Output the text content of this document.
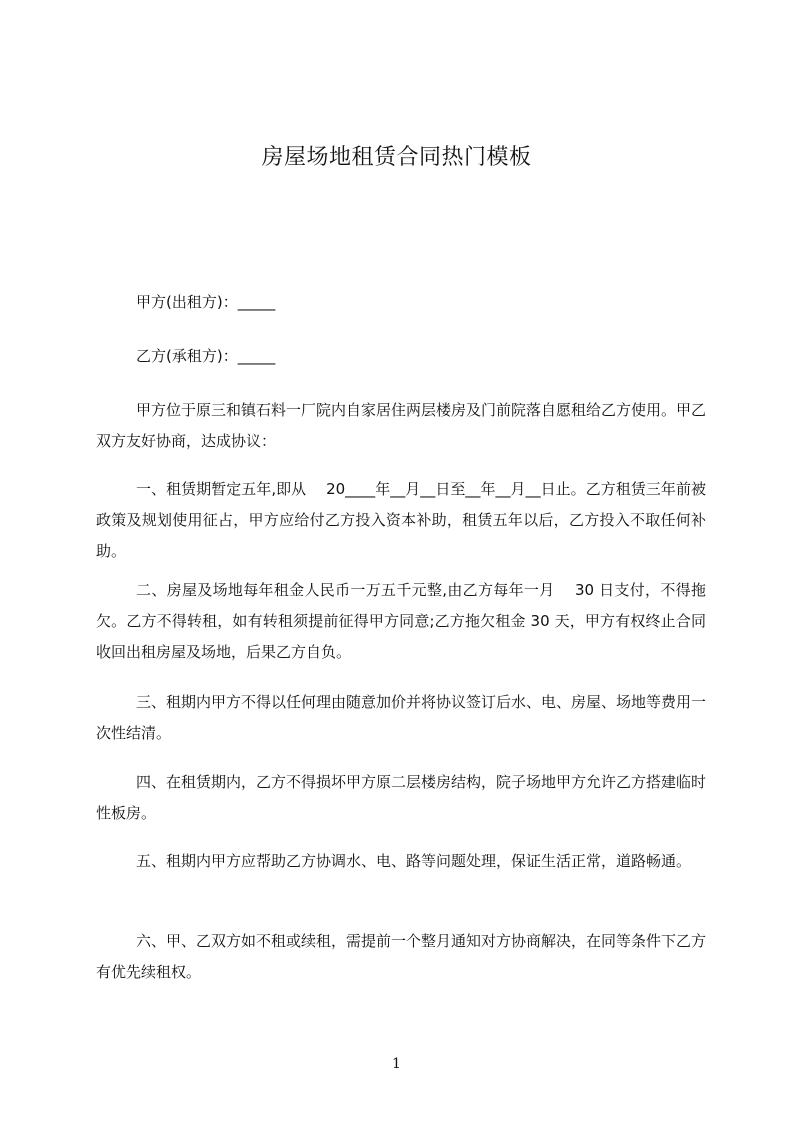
房屋场地租赁合同热门模板
甲方(出租方)：_____
乙方(承租方)：_____

甲方位于原三和镇石料一厂院内自家居住两层楼房及门前院落自愿租给乙方使用。甲乙双方友好协商，达成协议：

一、租赁期暂定五年,即从　 20____年__月__日至__年__月__日止。乙方租赁三年前被政策及规划使用征占，甲方应给付乙方投入资本补助，租赁五年以后，乙方投入不取任何补助。

二、房屋及场地每年租金人民币一万五千元整,由乙方每年一月　 30 日支付，不得拖欠。乙方不得转租，如有转租须提前征得甲方同意;乙方拖欠租金 30 天，甲方有权终止合同收回出租房屋及场地，后果乙方自负。

三、租期内甲方不得以任何理由随意加价并将协议签订后水、电、房屋、场地等费用一次性结清。

四、在租赁期内，乙方不得损坏甲方原二层楼房结构，院子场地甲方允许乙方搭建临时性板房。

五、租期内甲方应帮助乙方协调水、电、路等问题处理，保证生活正常，道路畅通。

六、甲、乙双方如不租或续租，需提前一个整月通知对方协商解决，在同等条件下乙方有优先续租权。

1
